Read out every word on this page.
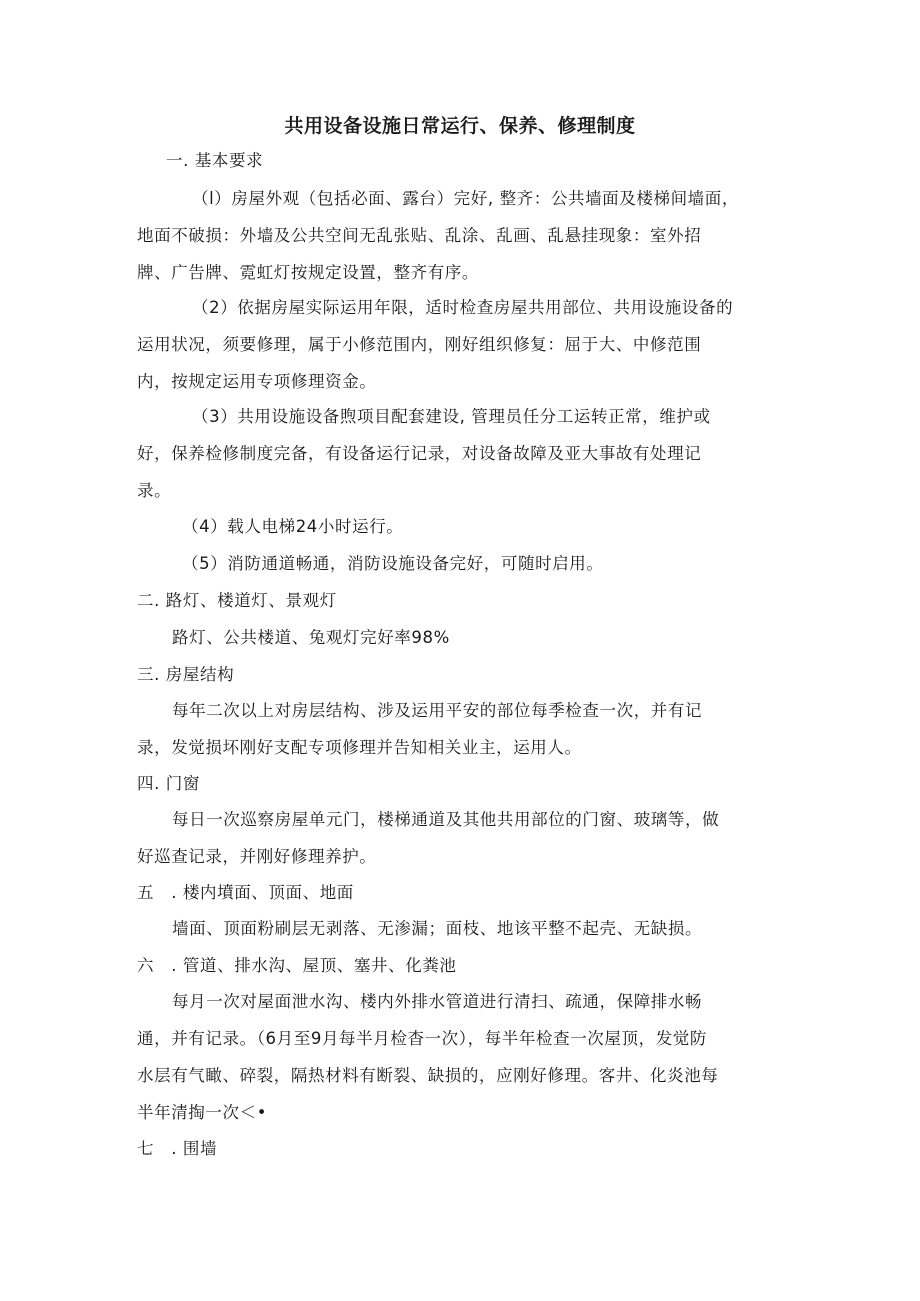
共用设备设施日常运行、保养、修理制度
一. 基本要求
（l）房屋外观（包括必面、露台）完好, 整齐：公共墙面及楼梯间墙面，
地面不破损：外墙及公共空间无乱张贴、乱涂、乱画、乱悬挂现象：室外招
牌、广告牌、霓虹灯按规定设置，整齐有序。
（2）依据房屋实际运用年限，适时检查房屋共用部位、共用设施设备的
运用状况，须要修理，属于小修范围内，刚好组织修复：屈于大、中修范围
内，按规定运用专项修理资金。
（3）共用设施设备煦项目配套建设, 管理员任分工运转正常，维护或
好，保养检修制度完备，有设备运行记录，对设备故障及亚大事故有处理记
录。
（4）载人电梯24小时运行。
（5）消防通道畅通，消防设施设备完好，可随时启用。
二. 路灯、楼道灯、景观灯
路灯、公共楼道、兔观灯完好率98%
三. 房屋结构
每年二次以上对房层结构、涉及运用平安的部位每季检查一次，并有记
录，发觉损坏刚好支配专项修理并告知相关业主，运用人。
四. 门窗
每日一次巡察房屋单元门，楼梯通道及其他共用部位的门窗、玻璃等，做
好巡查记录，并刚好修理养护。
五　. 楼内墳面、顶面、地面
墙面、顶面粉刷层无剥落、无渗漏；面枝、地该平整不起壳、无缺损。
六　. 管道、排水沟、屋顶、塞井、化粪池
每月一次对屋面泄水沟、楼内外排水管道进行清扫、疏通，保障排水畅
通，并有记录。（6月至9月每半月检杳一次），每半年检查一次屋顶，发觉防
水层有气瞰、碎裂，隔热材料有断裂、缺损的，应刚好修理。客井、化炎池每
半年清掏一次＜•
七　. 围墙
